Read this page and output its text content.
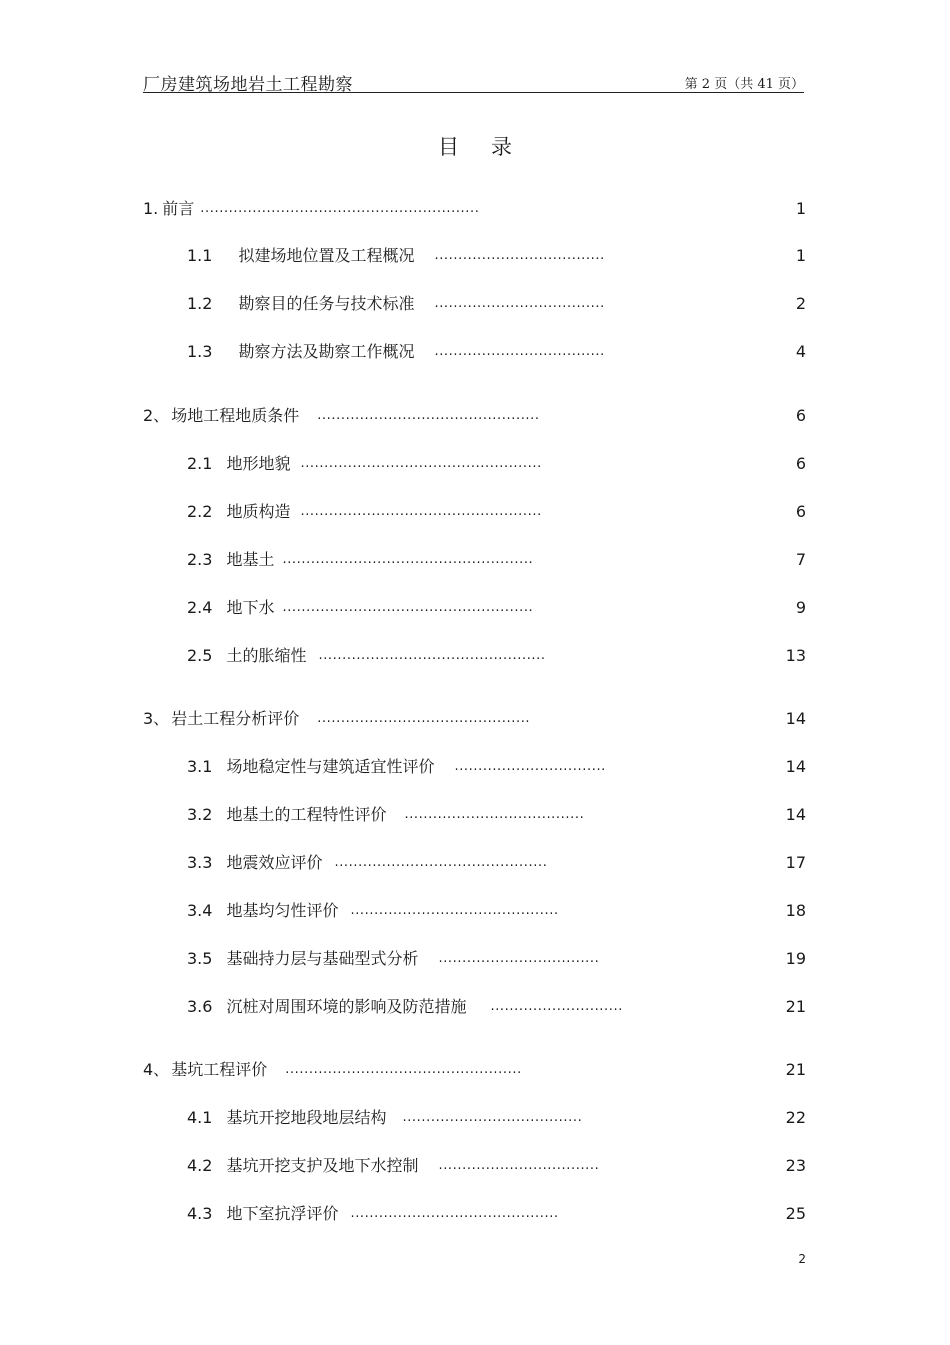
厂房建筑场地岩土工程勘察	第 2 页（共 41 页）
目录
1. 前言 ...........................................................	1
1.1 拟建场地位置及工程概况 ....................................	1
1.2 勘察目的任务与技术标准 ....................................	2
1.3 勘察方法及勘察工作概况 ....................................	4
2、 场地工程地质条件 ...............................................	6
2.1 地形地貌 ...................................................	6
2.2 地质构造 ...................................................	6
2.3 地基土 .....................................................	7
2.4 地下水 .....................................................	9
2.5 土的胀缩性 ................................................	13
3、 岩土工程分析评价 .............................................	14
3.1 场地稳定性与建筑适宜性评价 ................................	14
3.2 地基土的工程特性评价 ......................................	14
3.3 地震效应评价 .............................................	17
3.4 地基均匀性评价 ............................................	18
3.5 基础持力层与基础型式分析 ..................................	19
3.6 沉桩对周围环境的影响及防范措施 ............................	21
4、 基坑工程评价 ..................................................	21
4.1 基坑开挖地段地层结构 ......................................	22
4.2 基坑开挖支护及地下水控制 ..................................	23
4.3 地下室抗浮评价 ............................................	25
2
